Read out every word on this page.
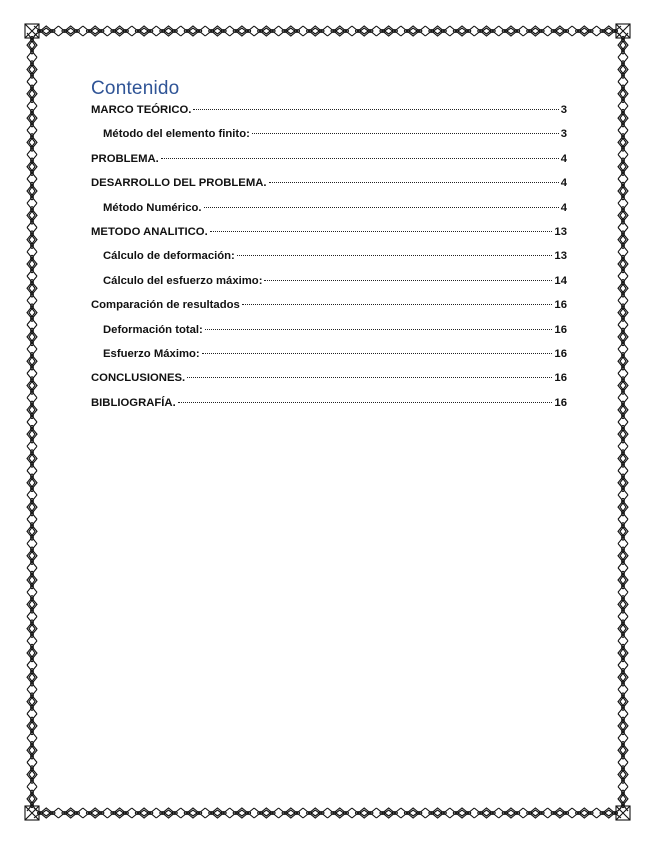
Contenido
MARCO TEÓRICO.	3
Método del elemento finito:	3
PROBLEMA.	4
DESARROLLO DEL PROBLEMA.	4
Método Numérico.	4
METODO ANALITICO.	13
Cálculo de deformación:	13
Cálculo del esfuerzo máximo:	14
Comparación de resultados	16
Deformación total:	16
Esfuerzo Máximo:	16
CONCLUSIONES.	16
BIBLIOGRAFÍA.	16
